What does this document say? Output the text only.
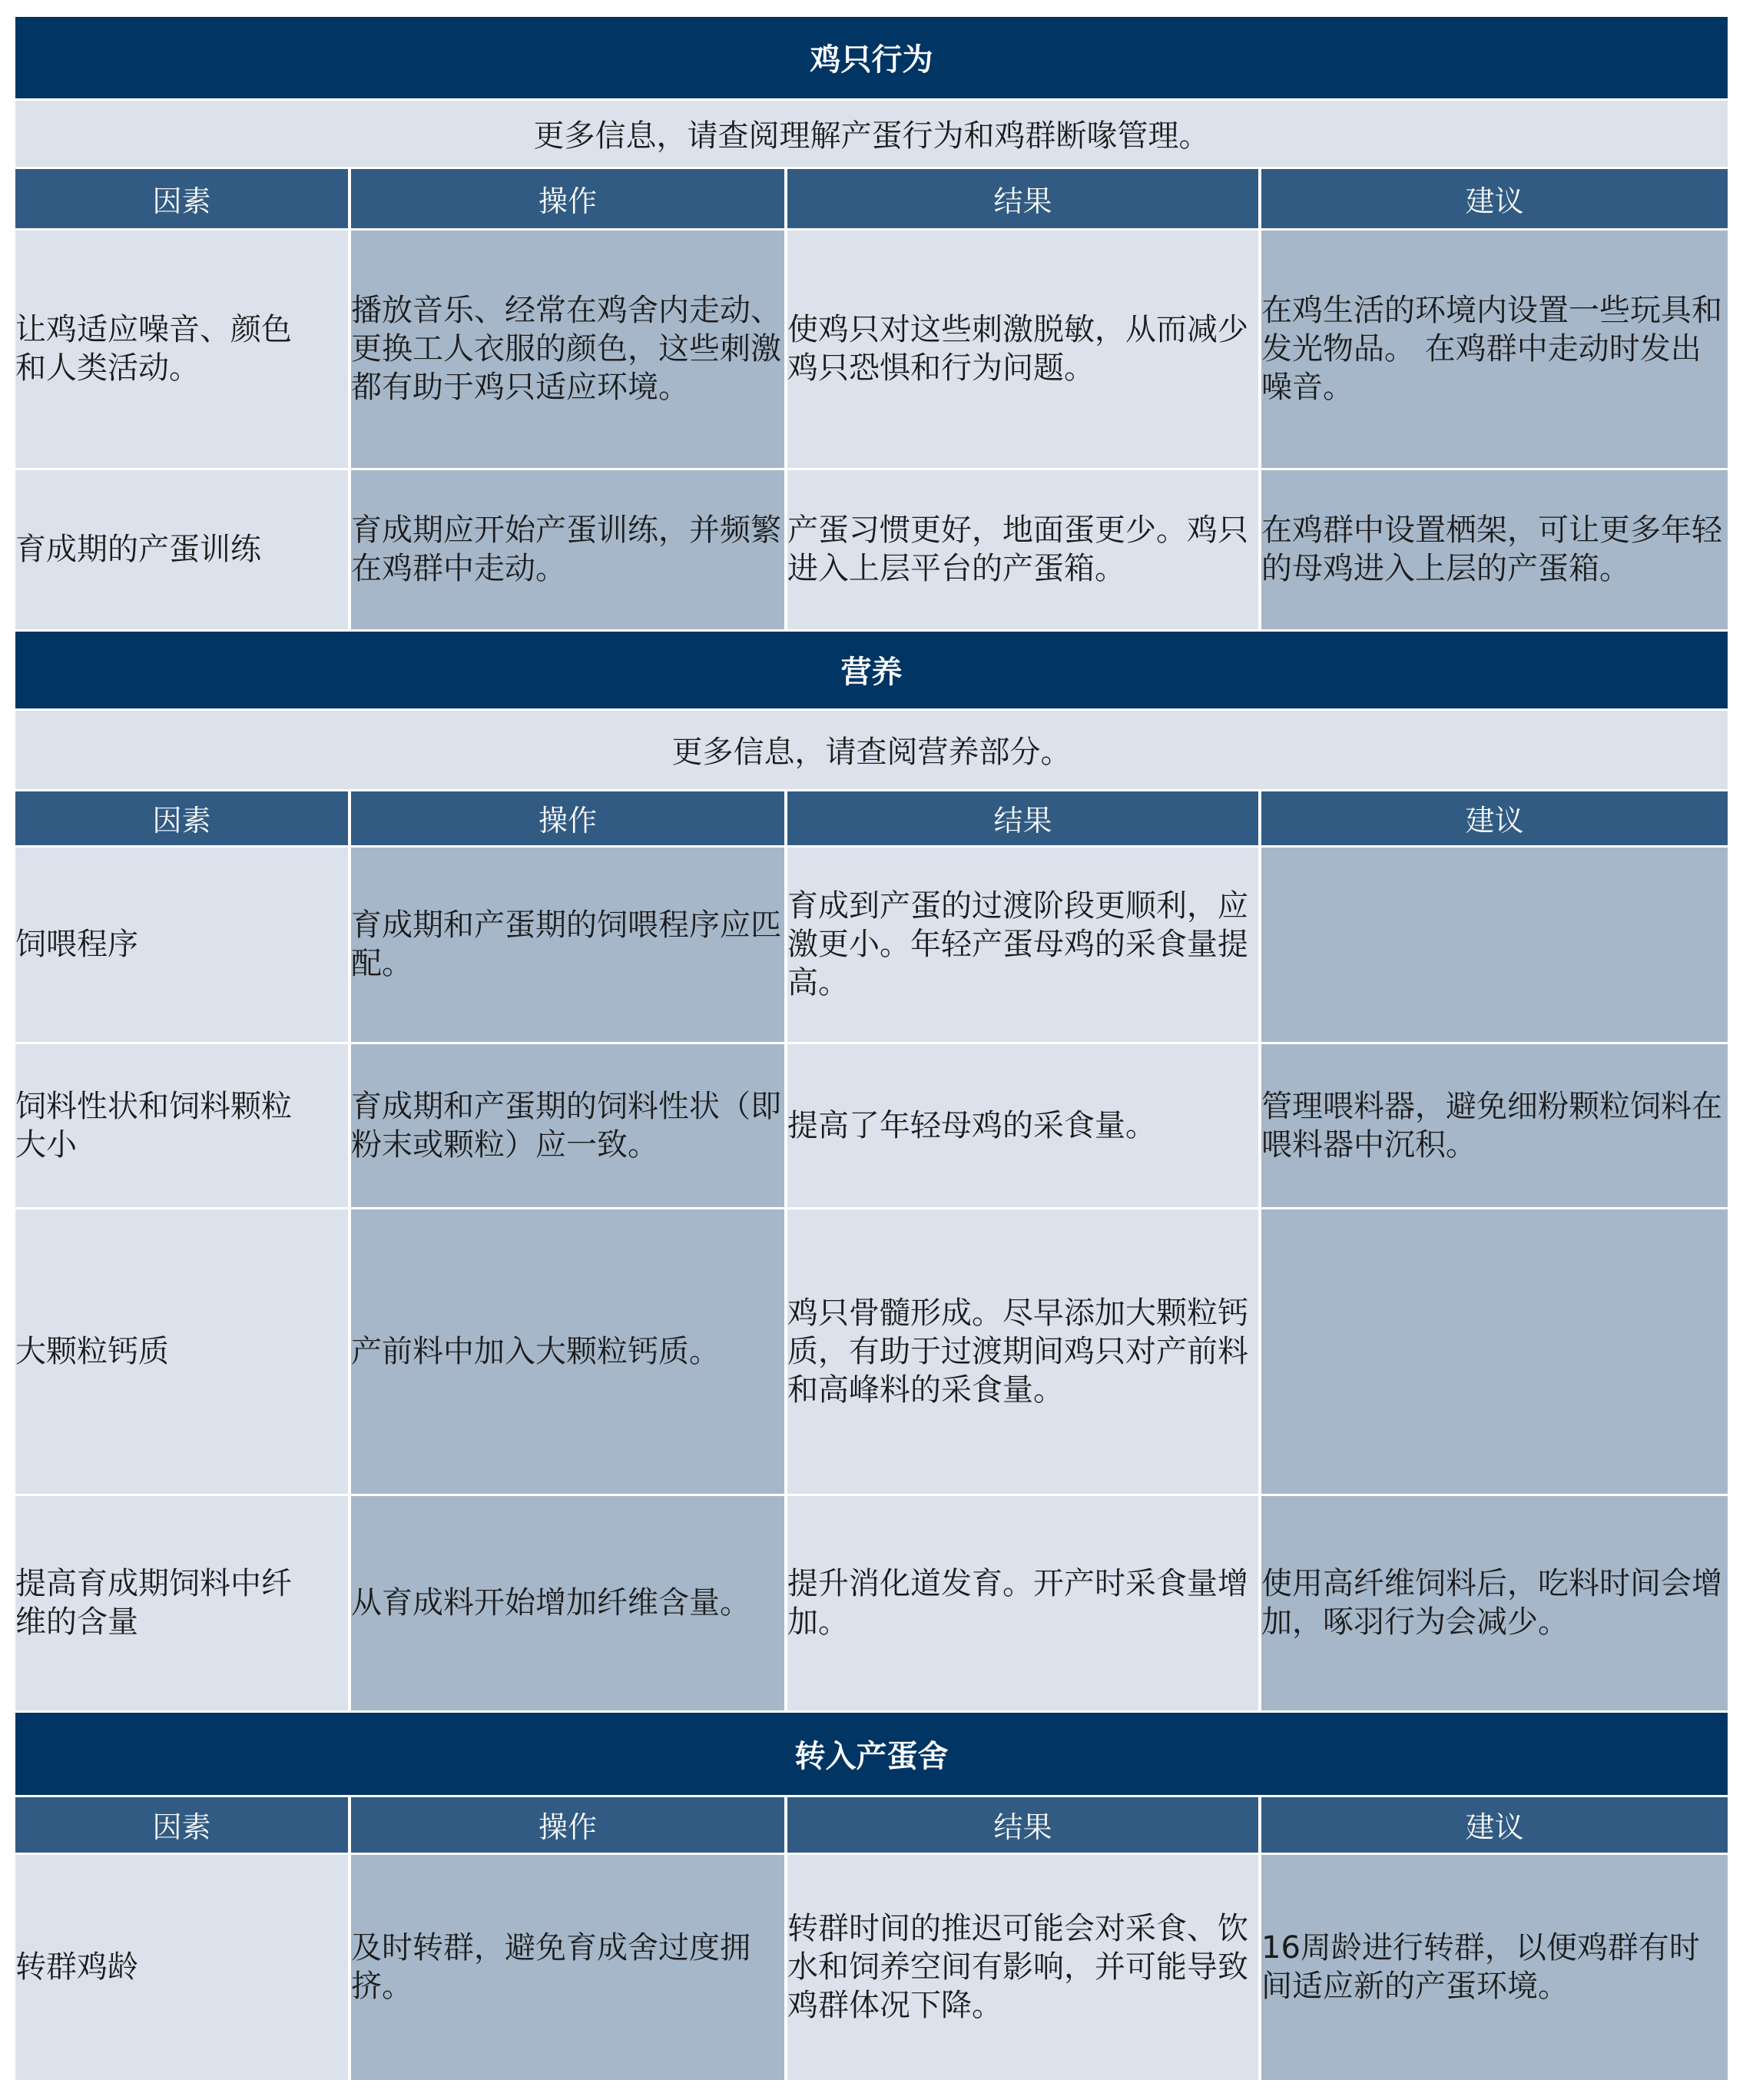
鸡只行为			
更多信息，请查阅理解产蛋行为和鸡群断喙管理。			
因素	操作	结果	建议

让鸡适应噪音、颜色和人类活动。	播放音乐、经常在鸡舍内走动、更换工人衣服的颜色，这些刺激都有助于鸡只适应环境。	使鸡只对这些刺激脱敏，从而减少鸡只恐惧和行为问题。	在鸡生活的环境内设置一些玩具和发光物品。 在鸡群中走动时发出噪音。

育成期的产蛋训练	育成期应开始产蛋训练，并频繁在鸡群中走动。	产蛋习惯更好，地面蛋更少。鸡只进入上层平台的产蛋箱。	在鸡群中设置栖架，可让更多年轻的母鸡进入上层的产蛋箱。

营养			
更多信息，请查阅营养部分。			
因素	操作	结果	建议

饲喂程序	育成期和产蛋期的饲喂程序应匹配。	育成到产蛋的过渡阶段更顺利，应激更小。年轻产蛋母鸡的采食量提高。	

饲料性状和饲料颗粒大小	育成期和产蛋期的饲料性状（即粉末或颗粒）应一致。	提高了年轻母鸡的采食量。	管理喂料器，避免细粉颗粒饲料在喂料器中沉积。

大颗粒钙质	产前料中加入大颗粒钙质。	鸡只骨髓形成。尽早添加大颗粒钙质，有助于过渡期间鸡只对产前料和高峰料的采食量。	

提高育成期饲料中纤维的含量	从育成料开始增加纤维含量。	提升消化道发育。开产时采食量增加。	使用高纤维饲料后，吃料时间会增加，啄羽行为会减少。

转入产蛋舍			
因素	操作	结果	建议

转群鸡龄	及时转群，避免育成舍过度拥挤。	转群时间的推迟可能会对采食、饮水和饲养空间有影响，并可能导致鸡群体况下降。	16周龄进行转群，以便鸡群有时间适应新的产蛋环境。
